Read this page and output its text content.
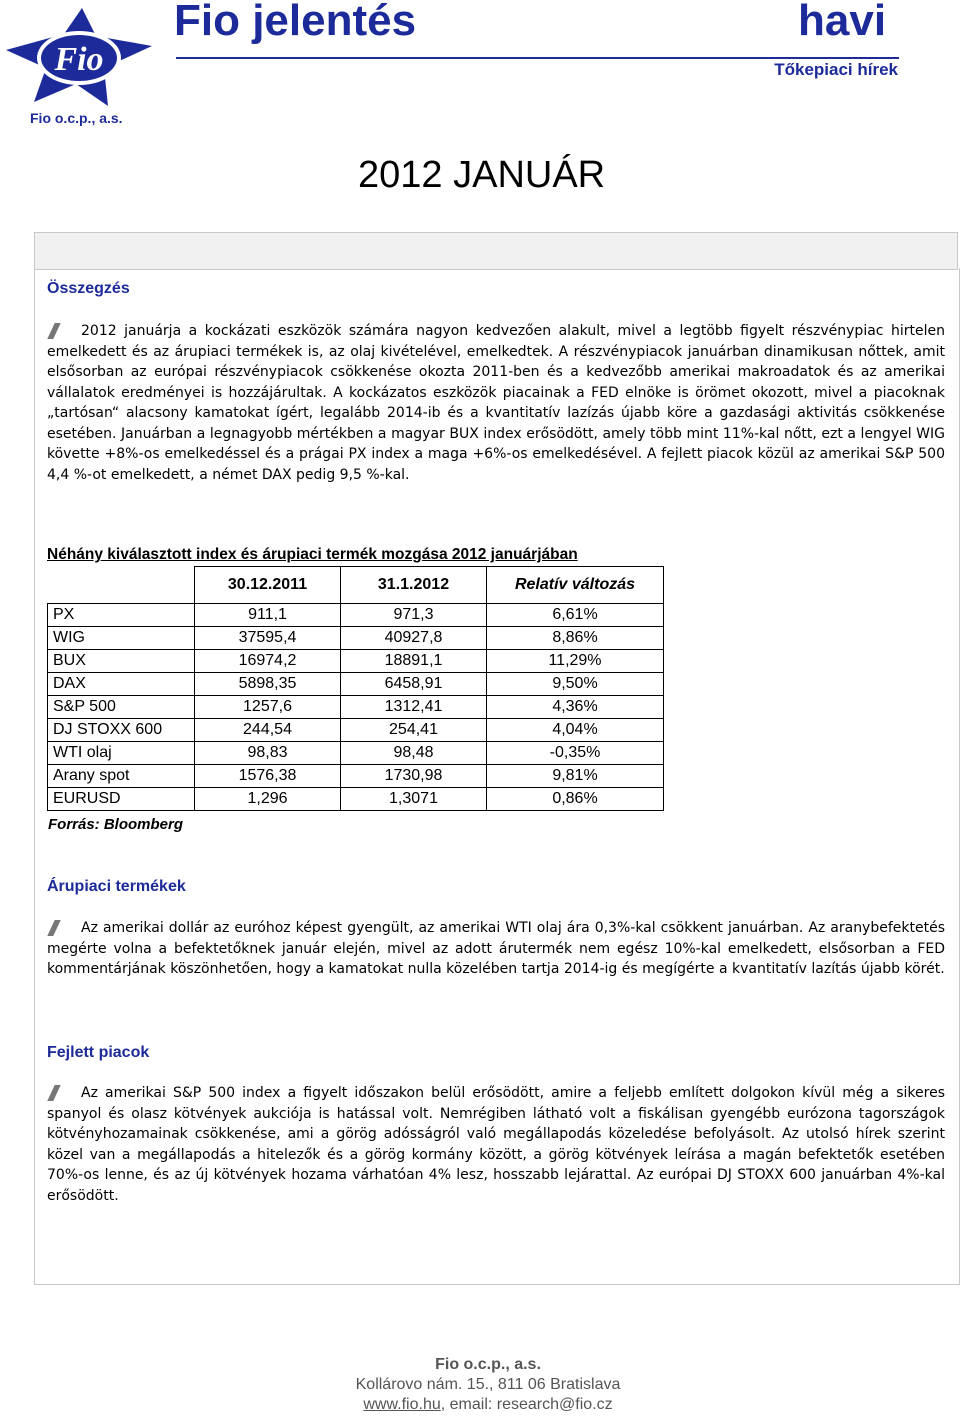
Fio
Fio o.c.p., a.s.
Fio jelentés	havi
Tőkepiaci hírek
2012 JANUÁR
Összegzés

2012 januárja a kockázati eszközök számára nagyon kedvezően alakult, mivel a legtöbb figyelt részvénypiac hirtelen emelkedett és az árupiaci termékek is, az olaj kivételével, emelkedtek. A részvénypiacok januárban dinamikusan nőttek, amit elsősorban az európai részvénypiacok csökkenése okozta 2011-ben és a kedvezőbb amerikai makroadatok és az amerikai vállalatok eredményei is hozzájárultak. A kockázatos eszközök piacainak a FED elnöke is örömet okozott, mivel a piacoknak „tartósan“ alacsony kamatokat ígért, legalább 2014-ib és a kvantitatív lazízás újabb köre a gazdasági aktivitás csökkenése esetében. Januárban a legnagyobb mértékben a magyar BUX index erősödött, amely több mint 11%-kal nőtt, ezt a lengyel WIG követte +8%-os emelkedéssel és a prágai PX index a maga +6%-os emelkedésével. A fejlett piacok közül az amerikai S&P 500 4,4 %-ot emelkedett, a német DAX pedig 9,5 %-kal.

Néhány kiválasztott index és árupiaci termék mozgása 2012 januárjában
	30.12.2011	31.1.2012	Relatív változás
PX	911,1	971,3	6,61%
WIG	37595,4	40927,8	8,86%
BUX	16974,2	18891,1	11,29%
DAX	5898,35	6458,91	9,50%
S&P 500	1257,6	1312,41	4,36%
DJ STOXX 600	244,54	254,41	4,04%
WTI olaj	98,83	98,48	-0,35%
Arany spot	1576,38	1730,98	9,81%
EURUSD	1,296	1,3071	0,86%
Forrás: Bloomberg
Árupiaci termékek

Az amerikai dollár az euróhoz képest gyengült, az amerikai WTI olaj ára 0,3%-kal csökkent januárban. Az aranybefektetés megérte volna a befektetőknek január elején, mivel az adott árutermék nem egész 10%-kal emelkedett, elsősorban a FED kommentárjának köszönhetően, hogy a kamatokat nulla közelében tartja 2014-ig és megígérte a kvantitatív lazítás újabb körét.

Fejlett piacok

Az amerikai S&P 500 index a figyelt időszakon belül erősödött, amire a feljebb említett dolgokon kívül még a sikeres spanyol és olasz kötvények aukciója is hatással volt. Nemrégiben látható volt a fiskálisan gyengébb eurózona tagországok kötvényhozamainak csökkenése, ami a görög adósságról való megállapodás közeledése befolyásolt. Az utolsó hírek szerint közel van a megállapodás a hitelezők és a görög kormány között, a görög kötvények leírása a magán befektetők esetében 70%-os lenne, és az új kötvények hozama várhatóan 4% lesz, hosszabb lejárattal. Az európai DJ STOXX 600 januárban 4%-kal erősödött.

Fio o.c.p., a.s.
Kollárovo nám. 15., 811 06 Bratislava
www.fio.hu, email: research@fio.cz
